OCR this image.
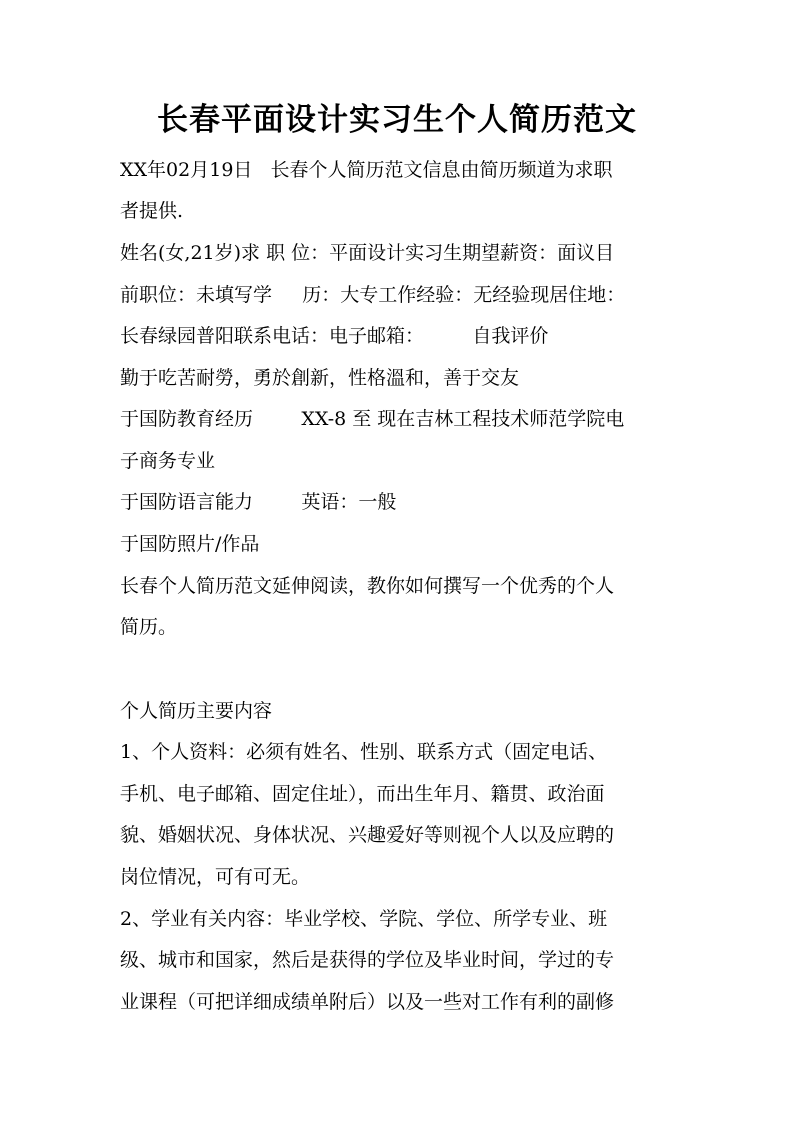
长春平面设计实习生个人简历范文
XX年02月19日   长春个人简历范文信息由简历频道为求职
者提供.
姓名(女,21岁)求 职 位：平面设计实习生期望薪资：面议目
前职位：未填写学     历：大专工作经验：无经验现居住地：
长春绿园普阳联系电话：电子邮箱：        自我评价
勤于吃苦耐勞，勇於創新，性格溫和，善于交友
于国防教育经历        XX-8 至 现在吉林工程技术师范学院电
子商务专业
于国防语言能力        英语：一般
于国防照片/作品
长春个人简历范文延伸阅读，教你如何撰写一个优秀的个人
简历。
个人简历主要内容
1、个人资料：必须有姓名、性别、联系方式（固定电话、
手机、电子邮箱、固定住址），而出生年月、籍贯、政治面
貌、婚姻状况、身体状况、兴趣爱好等则视个人以及应聘的
岗位情况，可有可无。
2、学业有关内容：毕业学校、学院、学位、所学专业、班
级、城市和国家，然后是获得的学位及毕业时间，学过的专
业课程（可把详细成绩单附后）以及一些对工作有利的副修
